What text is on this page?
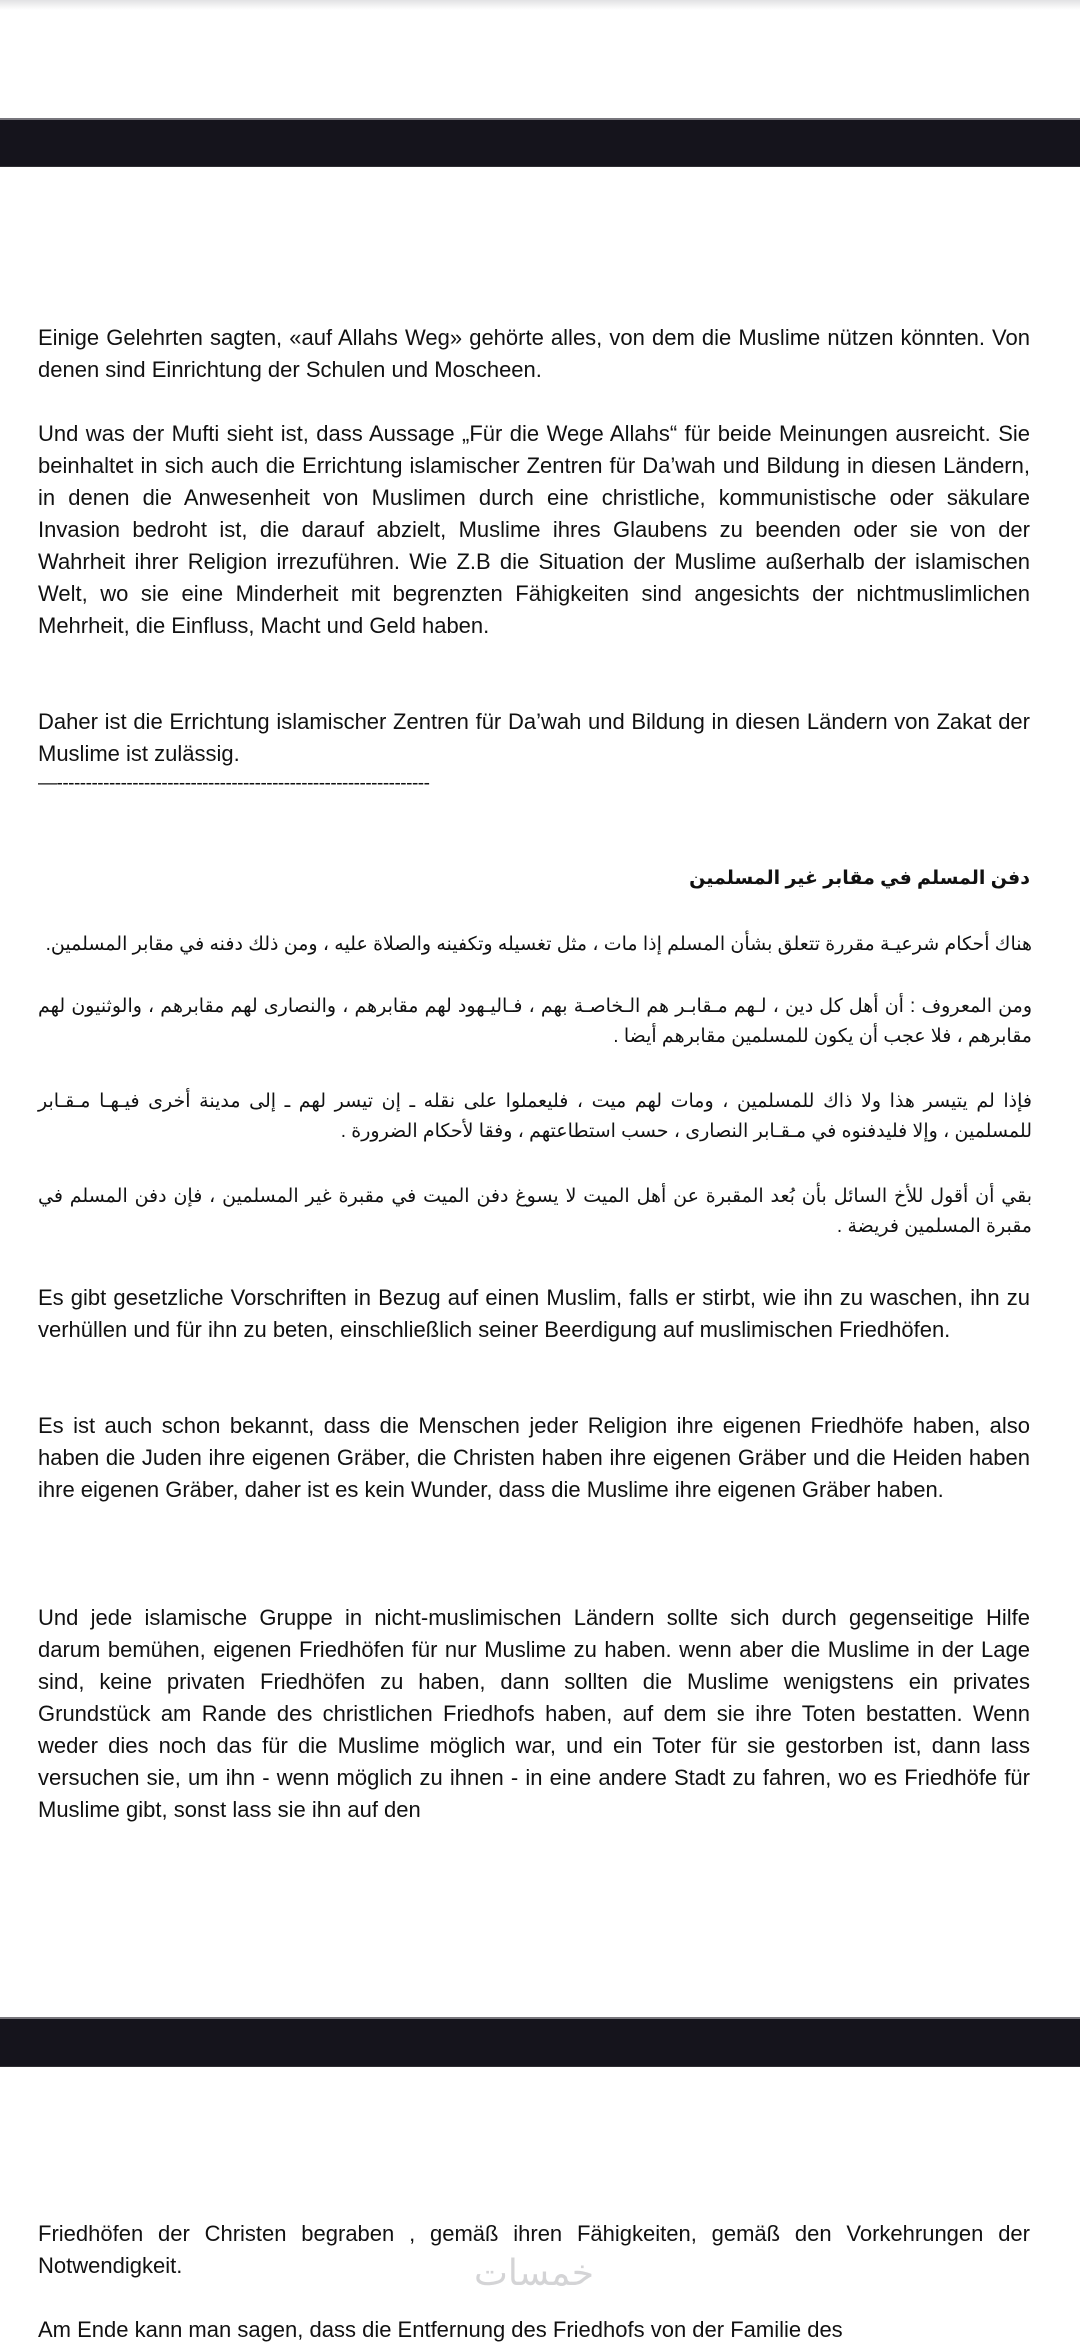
Einige Gelehrten sagten, «auf Allahs Weg» gehörte alles, von dem die Muslime nützen könnten. Von denen sind Einrichtung der Schulen und Moscheen.

Und was der Mufti sieht ist, dass Aussage „Für die Wege Allahs“ für beide Meinungen ausreicht. Sie beinhaltet in sich auch die Errichtung islamischer Zentren für Da’wah und Bildung in diesen Ländern, in denen die Anwesenheit von Muslimen durch eine christliche, kommunistische oder säkulare Invasion bedroht ist, die darauf abzielt, Muslime ihres Glaubens zu beenden oder sie von der Wahrheit ihrer Religion irrezuführen. Wie Z.B die Situation der Muslime außerhalb der islamischen Welt, wo sie eine Minderheit mit begrenzten Fähigkeiten sind angesichts der nichtmuslimlichen Mehrheit, die Einfluss, Macht und Geld haben.

Daher ist die Errichtung islamischer Zentren für Da’wah und Bildung in diesen Ländern von Zakat der Muslime ist zulässig.

—----------------------------------------------------------------

دفن المسلم في مقابر غير المسلمين

هناك أحكام شرعيـة مقررة تتعلق بشأن المسلم إذا مات ، مثل تغسيله وتكفينه والصلاة عليه ، ومن ذلك دفنه في مقابر المسلمين.

ومن المعروف : أن أهل كل دين ، لـهم مـقابـر هم الـخاصـة بهم ، فـاليـهود لهم مقابرهم ، والنصارى لهم مقابرهم ، والوثنيون لهم مقابرهم ، فلا عجب أن يكون للمسلمين مقابرهم أيضا .

فإذا لم يتيسر هذا ولا ذاك للمسلمين ، ومات لهم ميت ، فليعملوا على نقله ـ إن تيسر لهم ـ إلى مدينة أخرى فيـهـا مـقـابر للمسلمين ، وإلا فليدفنوه في مـقـابر النصارى ، حسب استطاعتهم ، وفقا لأحكام الضرورة .

بقي أن أقول للأخ السائل بأن بُعد المقبرة عن أهل الميت لا يسوغ دفن الميت في مقبرة غير المسلمين ، فإن دفن المسلم في مقبرة المسلمين فريضة .

Es gibt gesetzliche Vorschriften in Bezug auf einen Muslim, falls er stirbt, wie ihn zu waschen, ihn zu verhüllen und für ihn zu beten, einschließlich seiner Beerdigung auf muslimischen Friedhöfen.

Es ist auch schon bekannt, dass die Menschen jeder Religion ihre eigenen Friedhöfe haben, also haben die Juden ihre eigenen Gräber, die Christen haben ihre eigenen Gräber und die Heiden haben ihre eigenen Gräber, daher ist es kein Wunder, dass die Muslime ihre eigenen Gräber haben.

Und jede islamische Gruppe in nicht-muslimischen Ländern sollte sich durch gegenseitige Hilfe darum bemühen, eigenen Friedhöfen für nur Muslime zu haben. wenn aber die Muslime in der Lage sind, keine privaten Friedhöfen zu haben, dann sollten die Muslime wenigstens ein privates Grundstück am Rande des christlichen Friedhofs haben, auf dem sie ihre Toten bestatten. Wenn weder dies noch das für die Muslime möglich war, und ein Toter für sie gestorben ist, dann lass versuchen sie, um ihn - wenn möglich zu ihnen - in eine andere Stadt zu fahren, wo es Friedhöfe für Muslime gibt, sonst lass sie ihn auf den

Friedhöfen der Christen begraben , gemäß ihren Fähigkeiten, gemäß den Vorkehrungen der Notwendigkeit.

Am Ende kann man sagen, dass die Entfernung des Friedhofs von der Familie des

خمسات
